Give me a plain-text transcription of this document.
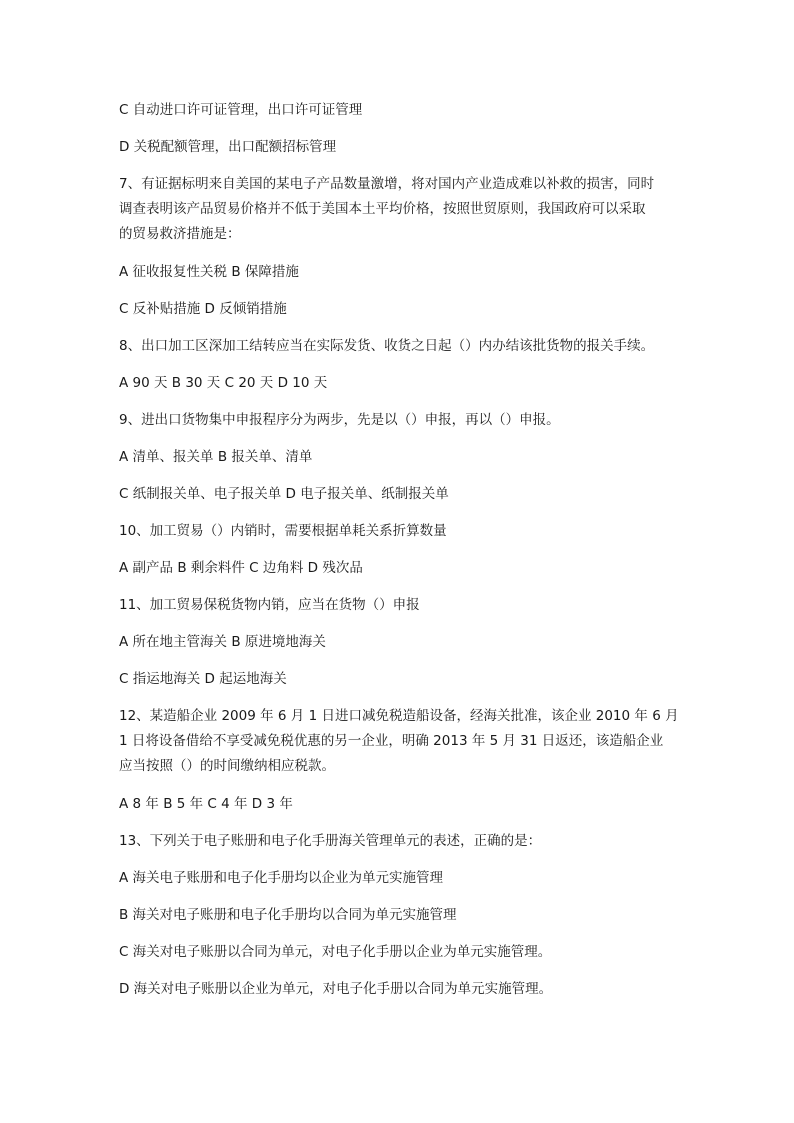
C 自动进口许可证管理，出口许可证管理
D 关税配额管理，出口配额招标管理
7、有证据标明来自美国的某电子产品数量激增，将对国内产业造成难以补救的损害，同时
调查表明该产品贸易价格并不低于美国本土平均价格，按照世贸原则，我国政府可以采取
的贸易救济措施是：
A 征收报复性关税 B 保障措施
C 反补贴措施 D 反倾销措施
8、出口加工区深加工结转应当在实际发货、收货之日起（）内办结该批货物的报关手续。
A 90 天 B 30 天 C 20 天 D 10 天
9、进出口货物集中申报程序分为两步，先是以（）申报，再以（）申报。
A 清单、报关单 B 报关单、清单
C 纸制报关单、电子报关单 D 电子报关单、纸制报关单
10、加工贸易（）内销时，需要根据单耗关系折算数量
A 副产品 B 剩余料件 C 边角料 D 残次品
11、加工贸易保税货物内销，应当在货物（）申报
A 所在地主管海关 B 原进境地海关
C 指运地海关 D 起运地海关
12、某造船企业 2009 年 6 月 1 日进口减免税造船设备，经海关批准，该企业 2010 年 6 月
1 日将设备借给不享受减免税优惠的另一企业，明确 2013 年 5 月 31 日返还，该造船企业
应当按照（）的时间缴纳相应税款。
A 8 年 B 5 年 C 4 年 D 3 年
13、下列关于电子账册和电子化手册海关管理单元的表述，正确的是：
A 海关电子账册和电子化手册均以企业为单元实施管理
B 海关对电子账册和电子化手册均以合同为单元实施管理
C 海关对电子账册以合同为单元，对电子化手册以企业为单元实施管理。
D 海关对电子账册以企业为单元，对电子化手册以合同为单元实施管理。
